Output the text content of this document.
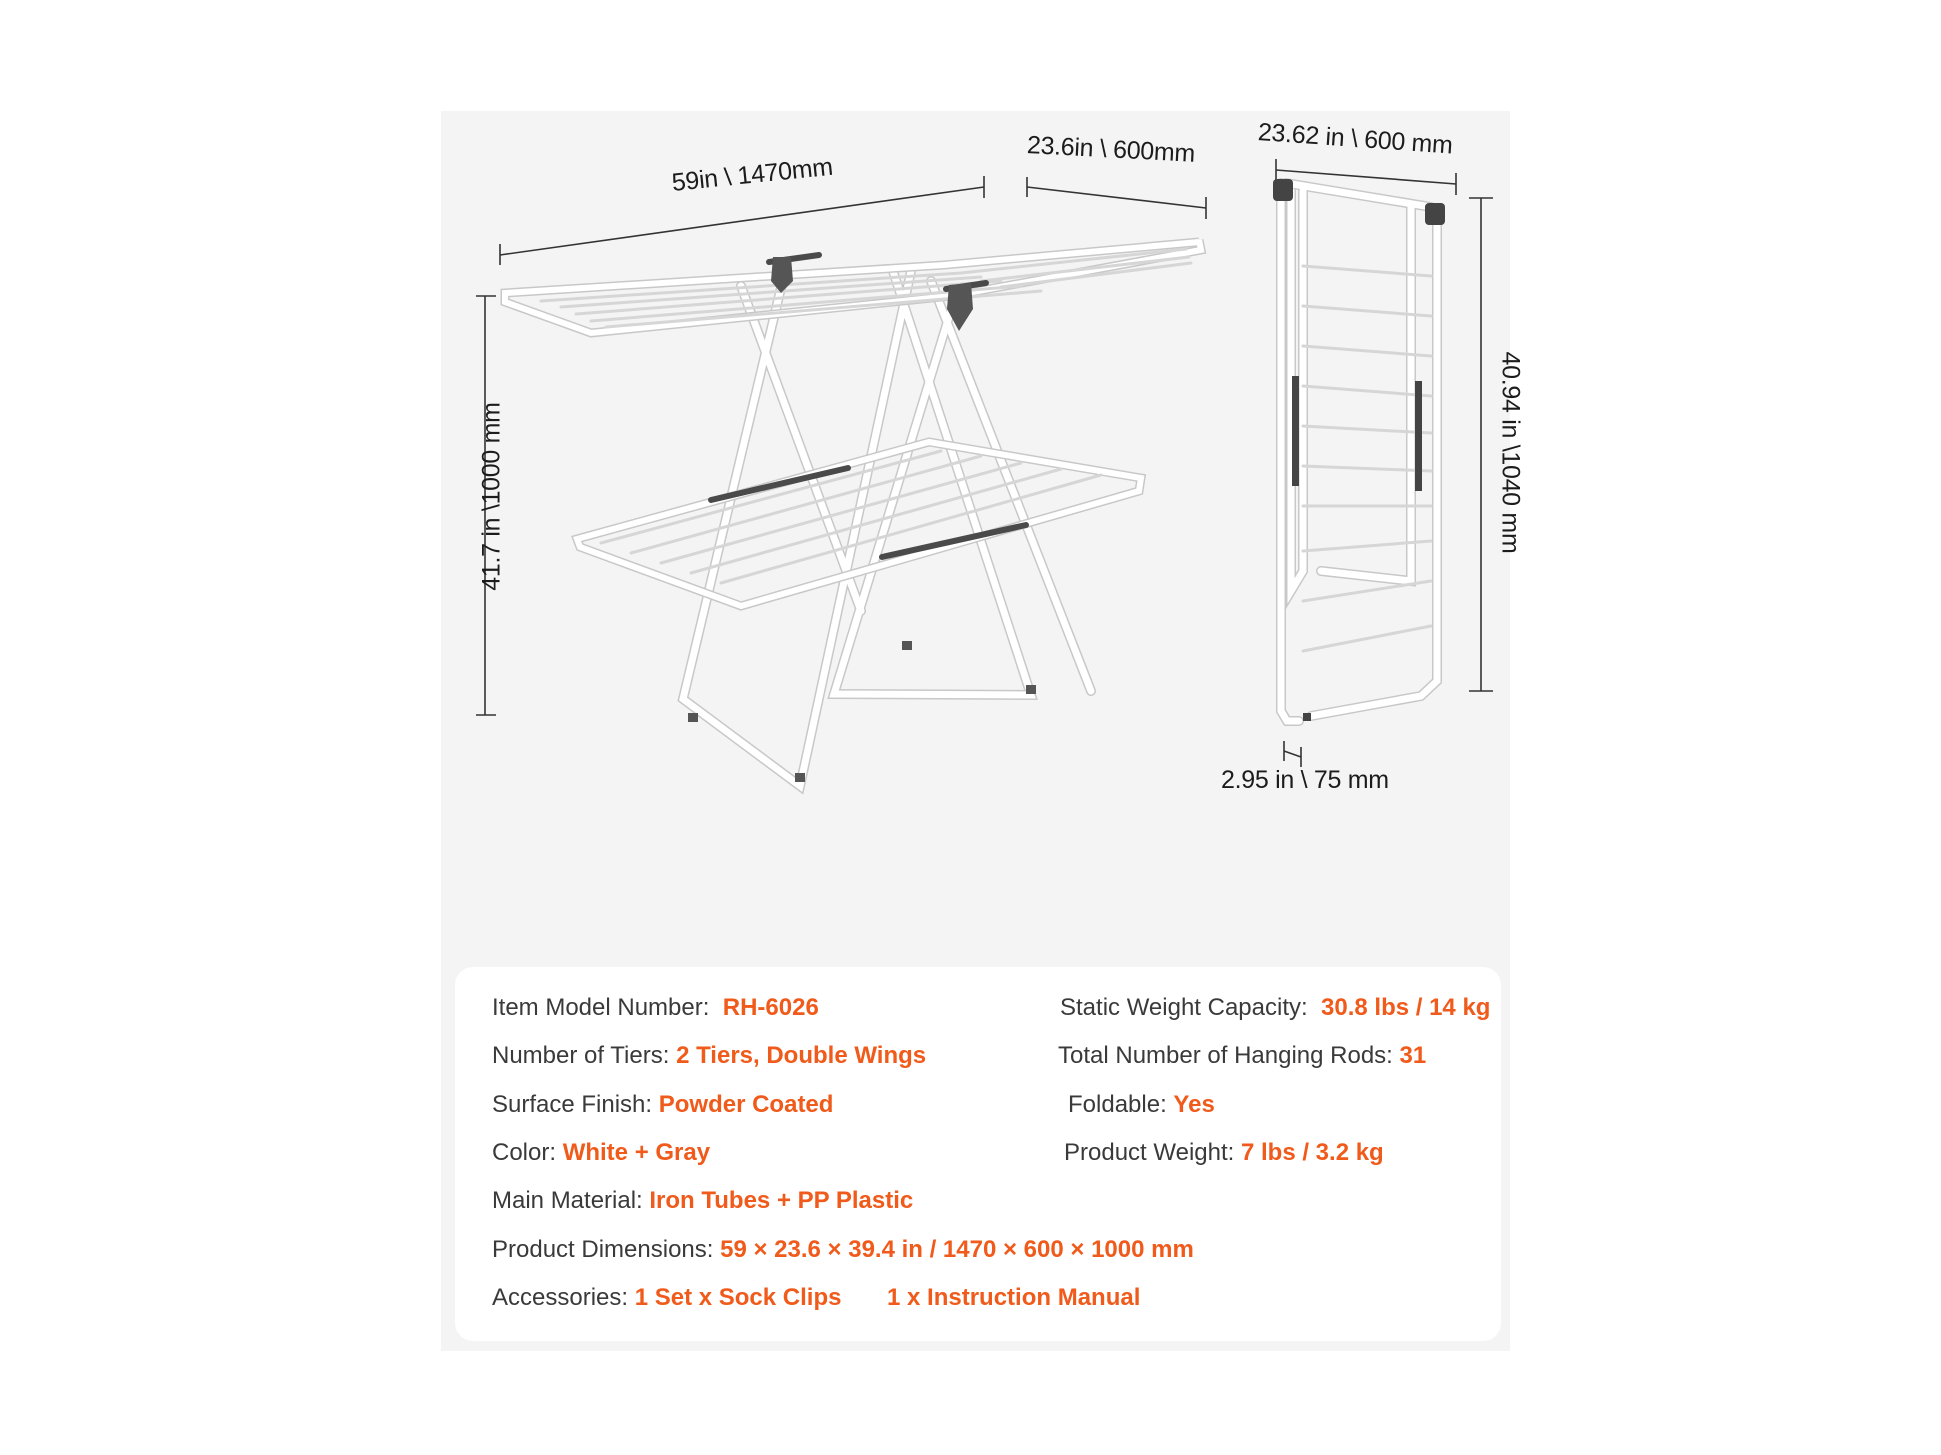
59in \ 1470mm
23.6in \ 600mm
41.7 in \1000 mm
23.62 in \ 600 mm
40.94 in \1040 mm
2.95 in \ 75 mm
Item Model Number: RH-6026
Number of Tiers: 2 Tiers, Double Wings
Surface Finish: Powder Coated
Color: White + Gray
Main Material: Iron Tubes + PP Plastic
Product Dimensions: 59 × 23.6 × 39.4 in / 1470 × 600 × 1000 mm
Accessories: 1 Set x Sock Clips 1 x Instruction Manual
Static Weight Capacity: 30.8 lbs / 14 kg
Total Number of Hanging Rods: 31
Foldable: Yes
Product Weight: 7 lbs / 3.2 kg
